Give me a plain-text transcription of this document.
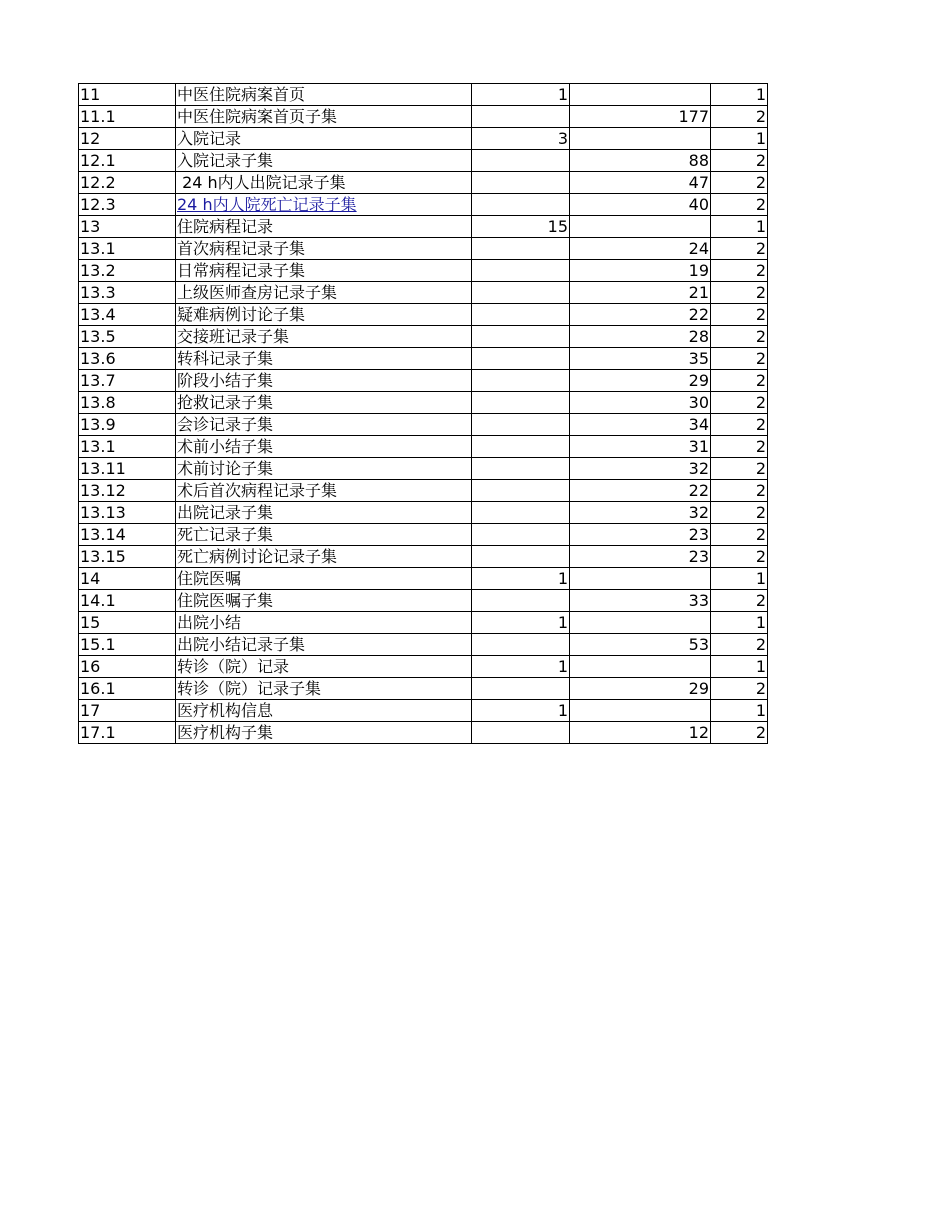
11	中医住院病案首页	1		1
11.1	中医住院病案首页子集		177	2
12	入院记录	3		1
12.1	入院记录子集		88	2
12.2	24 h内人出院记录子集		47	2
12.3	24 h内人院死亡记录子集		40	2
13	住院病程记录	15		1
13.1	首次病程记录子集		24	2
13.2	日常病程记录子集		19	2
13.3	上级医师查房记录子集		21	2
13.4	疑难病例讨论子集		22	2
13.5	交接班记录子集		28	2
13.6	转科记录子集		35	2
13.7	阶段小结子集		29	2
13.8	抢救记录子集		30	2
13.9	会诊记录子集		34	2
13.1	术前小结子集		31	2
13.11	术前讨论子集		32	2
13.12	术后首次病程记录子集		22	2
13.13	出院记录子集		32	2
13.14	死亡记录子集		23	2
13.15	死亡病例讨论记录子集		23	2
14	住院医嘱	1		1
14.1	住院医嘱子集		33	2
15	出院小结	1		1
15.1	出院小结记录子集		53	2
16	转诊（院）记录	1		1
16.1	转诊（院）记录子集		29	2
17	医疗机构信息	1		1
17.1	医疗机构子集		12	2
